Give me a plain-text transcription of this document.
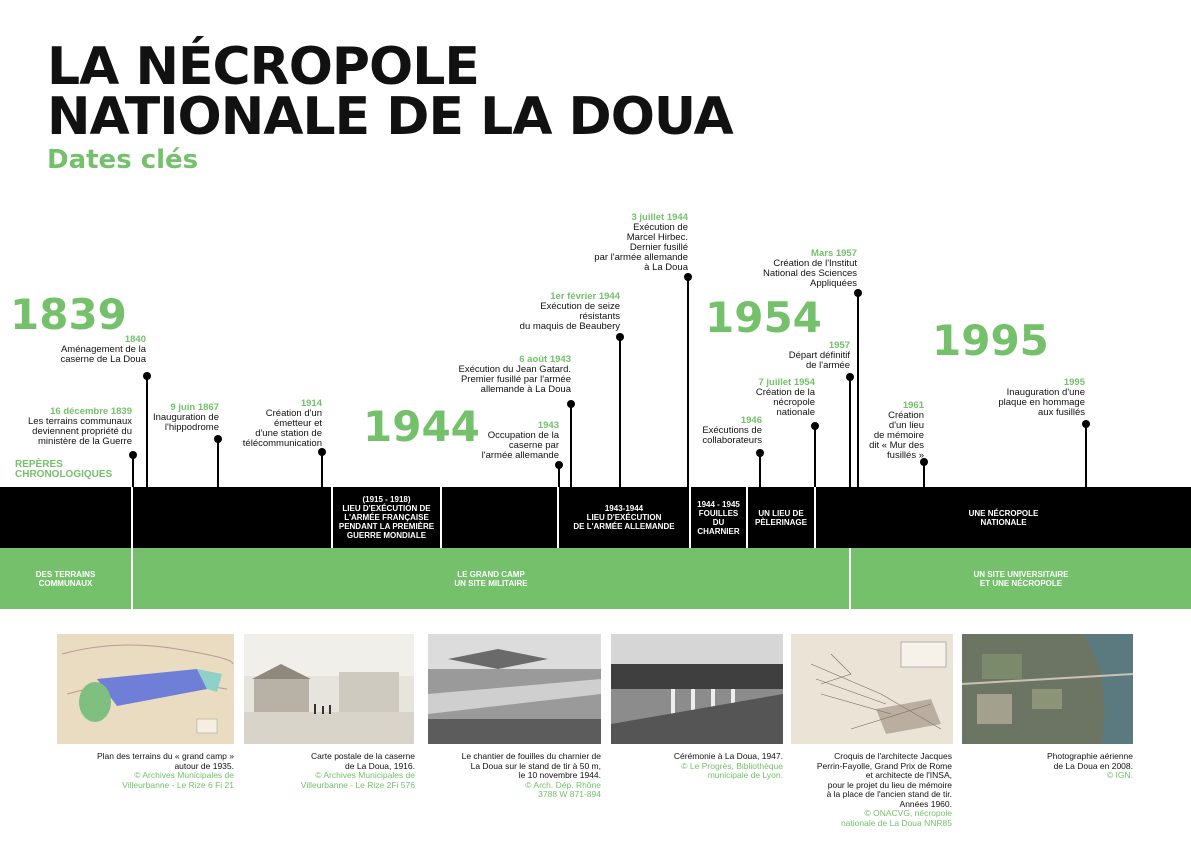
LA NÉCROPOLE
NATIONALE DE LA DOUA
Dates clés
1839
1944
1954	1995
16 décembre 1839
Les terrains communaux
deviennent propriété du
ministère de la Guerre
1840
Aménagement de la
caserne de La Doua
9 juin 1867
Inauguration de
l'hippodrome
1914
Création d'un
émetteur et
d'une station de
télécommunication
1943
Occupation de la
caserne par
l'armée allemande
6 août 1943
Exécution du Jean Gatard.
Premier fusillé par l'armée
allemande à La Doua
1er février 1944
Exécution de seize
résistants
du maquis de Beaubery
3 juillet 1944
Exécution de
Marcel Hirbec.
Dernier fusillé
par l'armée allemande
à La Doua
1946
Exécutions de
collaborateurs
7 juillet 1954
Création de la
nécropole
nationale
1957
Départ définitif
de l'armée
Mars 1957
Création de l'Institut
National des Sciences
Appliquées
1961
Création
d'un lieu
de mémoire
dit « Mur des
fusillés »
1995
Inauguration d'une
plaque en hommage
aux fusillés
REPÈRES
CHRONOLOGIQUES
(1915 - 1918)
LIEU D'EXÉCUTION DE
L'ARMÉE FRANÇAISE
PENDANT LA PREMIÈRE
GUERRE MONDIALE
1943-1944
LIEU D'EXÉCUTION
DE L'ARMÉE ALLEMANDE
1944 - 1945
FOUILLES
DU
CHARNIER
UN LIEU DE
PÈLERINAGE
UNE NÉCROPOLE
NATIONALE
DES TERRAINS
COMMUNAUX
LE GRAND CAMP
UN SITE MILITAIRE
UN SITE UNIVERSITAIRE
ET UNE NÉCROPOLE
Plan des terrains du « grand camp »
autour de 1935.
© Archives Municipales de
Villeurbanne - Le Rize 6 Fi 21
Carte postale de la caserne
de La Doua, 1916.
© Archives Municipales de
Villeurbanne - Le Rize 2Fi 576
Le chantier de fouilles du charnier de
La Doua sur le stand de tir à 50 m,
le 10 novembre 1944.
© Arch. Dép. Rhône
3788 W 871-894
Cérémonie à La Doua, 1947.
© Le Progrès, Bibliothèque
municipale de Lyon.
Croquis de l'architecte Jacques
Perrin-Fayolle, Grand Prix de Rome
et architecte de l'INSA,
pour le projet du lieu de mémoire
à la place de l'ancien stand de tir.
Années 1960.
© ONACVG, nécropole
nationale de La Doua NNR85
Photographie aérienne
de La Doua en 2008.
© IGN.
